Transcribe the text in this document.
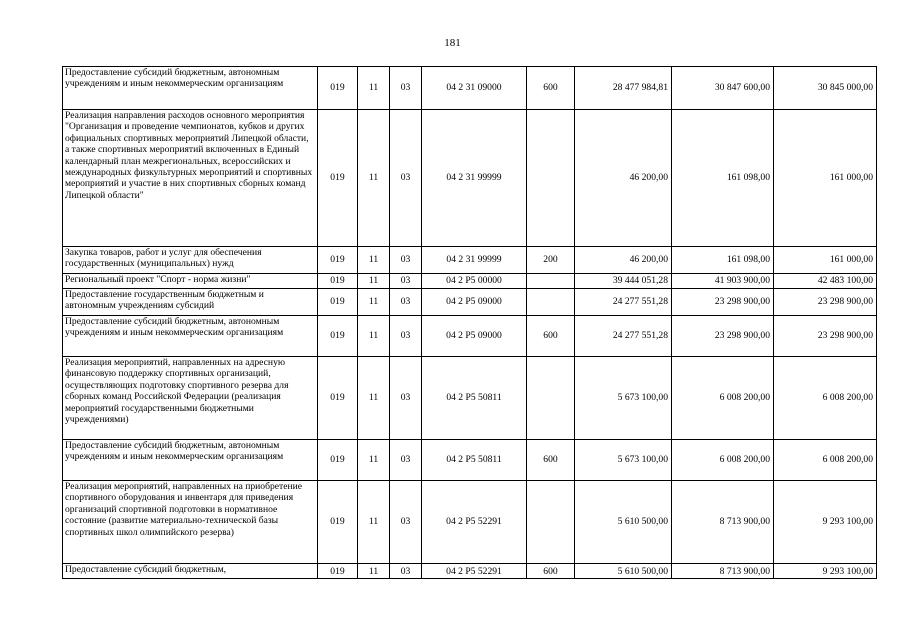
181
Предоставление субсидий бюджетным, автономным учреждениям и иным некоммерческим организациям	019	11	03	04 2 31 09000	600	28 477 984,81	30 847 600,00	30 845 000,00
Реализация направления расходов основного мероприятия "Организация и проведение чемпионатов, кубков и других официальных спортивных мероприятий Липецкой области, а также спортивных мероприятий включенных в Единый календарный план межрегиональных, всероссийских и международных физкультурных мероприятий и спортивных мероприятий и участие в них спортивных сборных команд Липецкой области"	019	11	03	04 2 31 99999		46 200,00	161 098,00	161 000,00
Закупка товаров, работ и услуг для обеспечения государственных (муниципальных) нужд	019	11	03	04 2 31 99999	200	46 200,00	161 098,00	161 000,00
Региональный проект "Спорт - норма жизни"	019	11	03	04 2 P5 00000		39 444 051,28	41 903 900,00	42 483 100,00
Предоставление государственным бюджетным и автономным учреждениям субсидий	019	11	03	04 2 P5 09000		24 277 551,28	23 298 900,00	23 298 900,00
Предоставление субсидий бюджетным, автономным учреждениям и иным некоммерческим организациям	019	11	03	04 2 P5 09000	600	24 277 551,28	23 298 900,00	23 298 900,00
Реализация мероприятий, направленных на адресную финансовую поддержку спортивных организаций, осуществляющих подготовку спортивного резерва для сборных команд Российской Федерации (реализация мероприятий государственными бюджетными учреждениями)	019	11	03	04 2 P5 50811		5 673 100,00	6 008 200,00	6 008 200,00
Предоставление субсидий бюджетным, автономным учреждениям и иным некоммерческим организациям	019	11	03	04 2 P5 50811	600	5 673 100,00	6 008 200,00	6 008 200,00
Реализация мероприятий, направленных на приобретение спортивного оборудования и инвентаря для приведения организаций спортивной подготовки в нормативное состояние (развитие материально-технической базы спортивных школ олимпийского резерва)	019	11	03	04 2 P5 52291		5 610 500,00	8 713 900,00	9 293 100,00
Предоставление субсидий бюджетным,	019	11	03	04 2 P5 52291	600	5 610 500,00	8 713 900,00	9 293 100,00
